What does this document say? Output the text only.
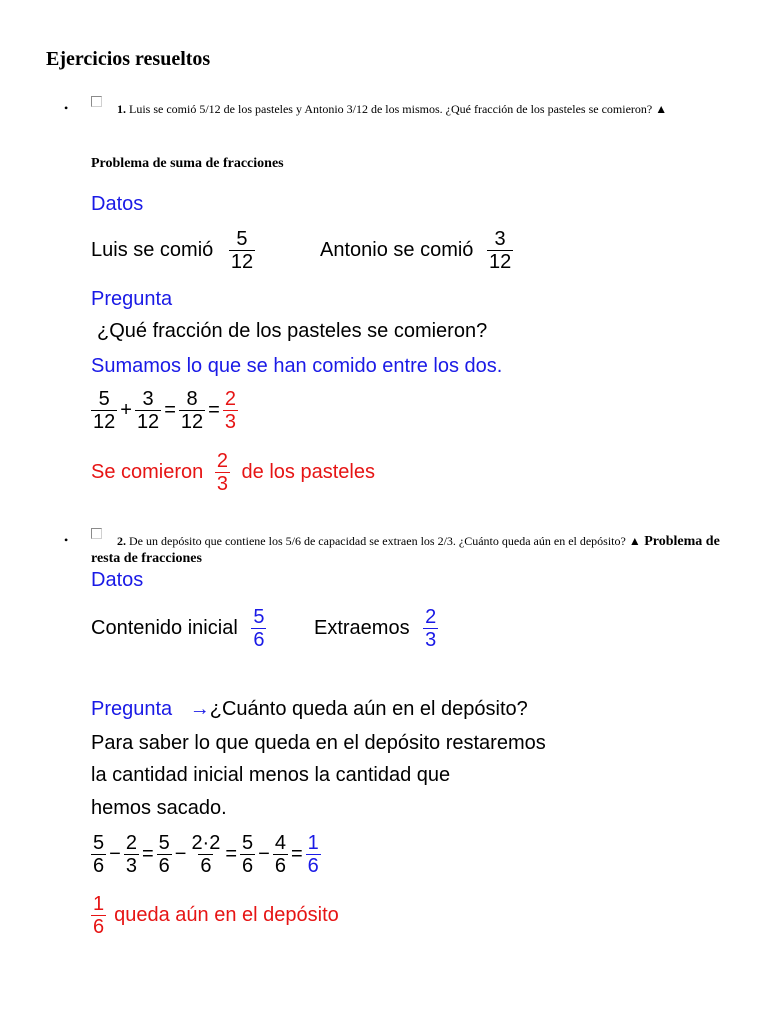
Ejercicios resueltos
•	1. Luis se comió 5/12 de los pasteles y Antonio 3/12 de los mismos. ¿Qué fracción de los pasteles se comieron? ▲
Problema de suma de fracciones
Datos
Luis se comió $\frac{5}{12}$	Antonio se comió $\frac{3}{12}$
Pregunta
¿Qué fracción de los pasteles se comieron?
Sumamos lo que se han comido entre los dos.
$\frac{5}{12} + \frac{3}{12} = \frac{8}{12} = \frac{2}{3}$
Se comieron $\frac{2}{3}$ de los pasteles
•	2. De un depósito que contiene los 5/6 de capacidad se extraen los 2/3. ¿Cuánto queda aún en el depósito? ▲ Problema de resta de fracciones
Datos
Contenido inicial $\frac{5}{6}$ Extraemos $\frac{2}{3}$
Pregunta →¿Cuánto queda aún en el depósito?
Para saber lo que queda en el depósito restaremos
la cantidad inicial menos la cantidad que
hemos sacado.
$\frac{5}{6} - \frac{2}{3} = \frac{5}{6} - \frac{2\cdot 2}{6} = \frac{5}{6} - \frac{4}{6} = \frac{1}{6}$
$\frac{1}{6}$ queda aún en el depósito
